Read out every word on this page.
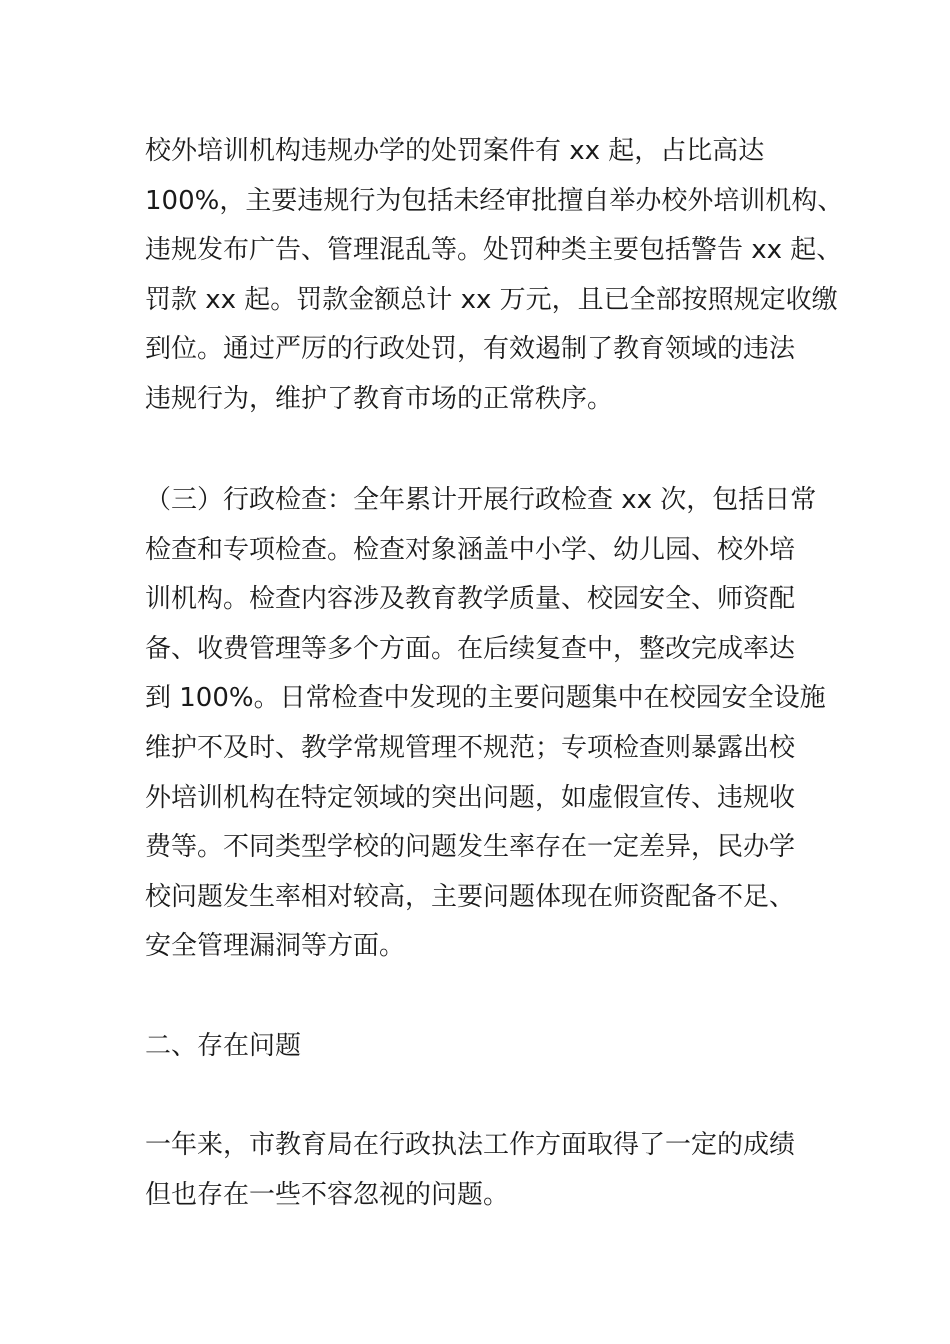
校外培训机构违规办学的处罚案件有 xx 起，占比高达
100%，主要违规行为包括未经审批擅自举办校外培训机构、
违规发布广告、管理混乱等。处罚种类主要包括警告 xx 起、
罚款 xx 起。罚款金额总计 xx 万元，且已全部按照规定收缴
到位。通过严厉的行政处罚，有效遏制了教育领域的违法
违规行为，维护了教育市场的正常秩序。
（三）行政检查：全年累计开展行政检查 xx 次，包括日常
检查和专项检查。检查对象涵盖中小学、幼儿园、校外培
训机构。检查内容涉及教育教学质量、校园安全、师资配
备、收费管理等多个方面。在后续复查中，整改完成率达
到 100%。日常检查中发现的主要问题集中在校园安全设施
维护不及时、教学常规管理不规范；专项检查则暴露出校
外培训机构在特定领域的突出问题，如虚假宣传、违规收
费等。不同类型学校的问题发生率存在一定差异，民办学
校问题发生率相对较高，主要问题体现在师资配备不足、
安全管理漏洞等方面。
二、存在问题
一年来，市教育局在行政执法工作方面取得了一定的成绩
但也存在一些不容忽视的问题。
